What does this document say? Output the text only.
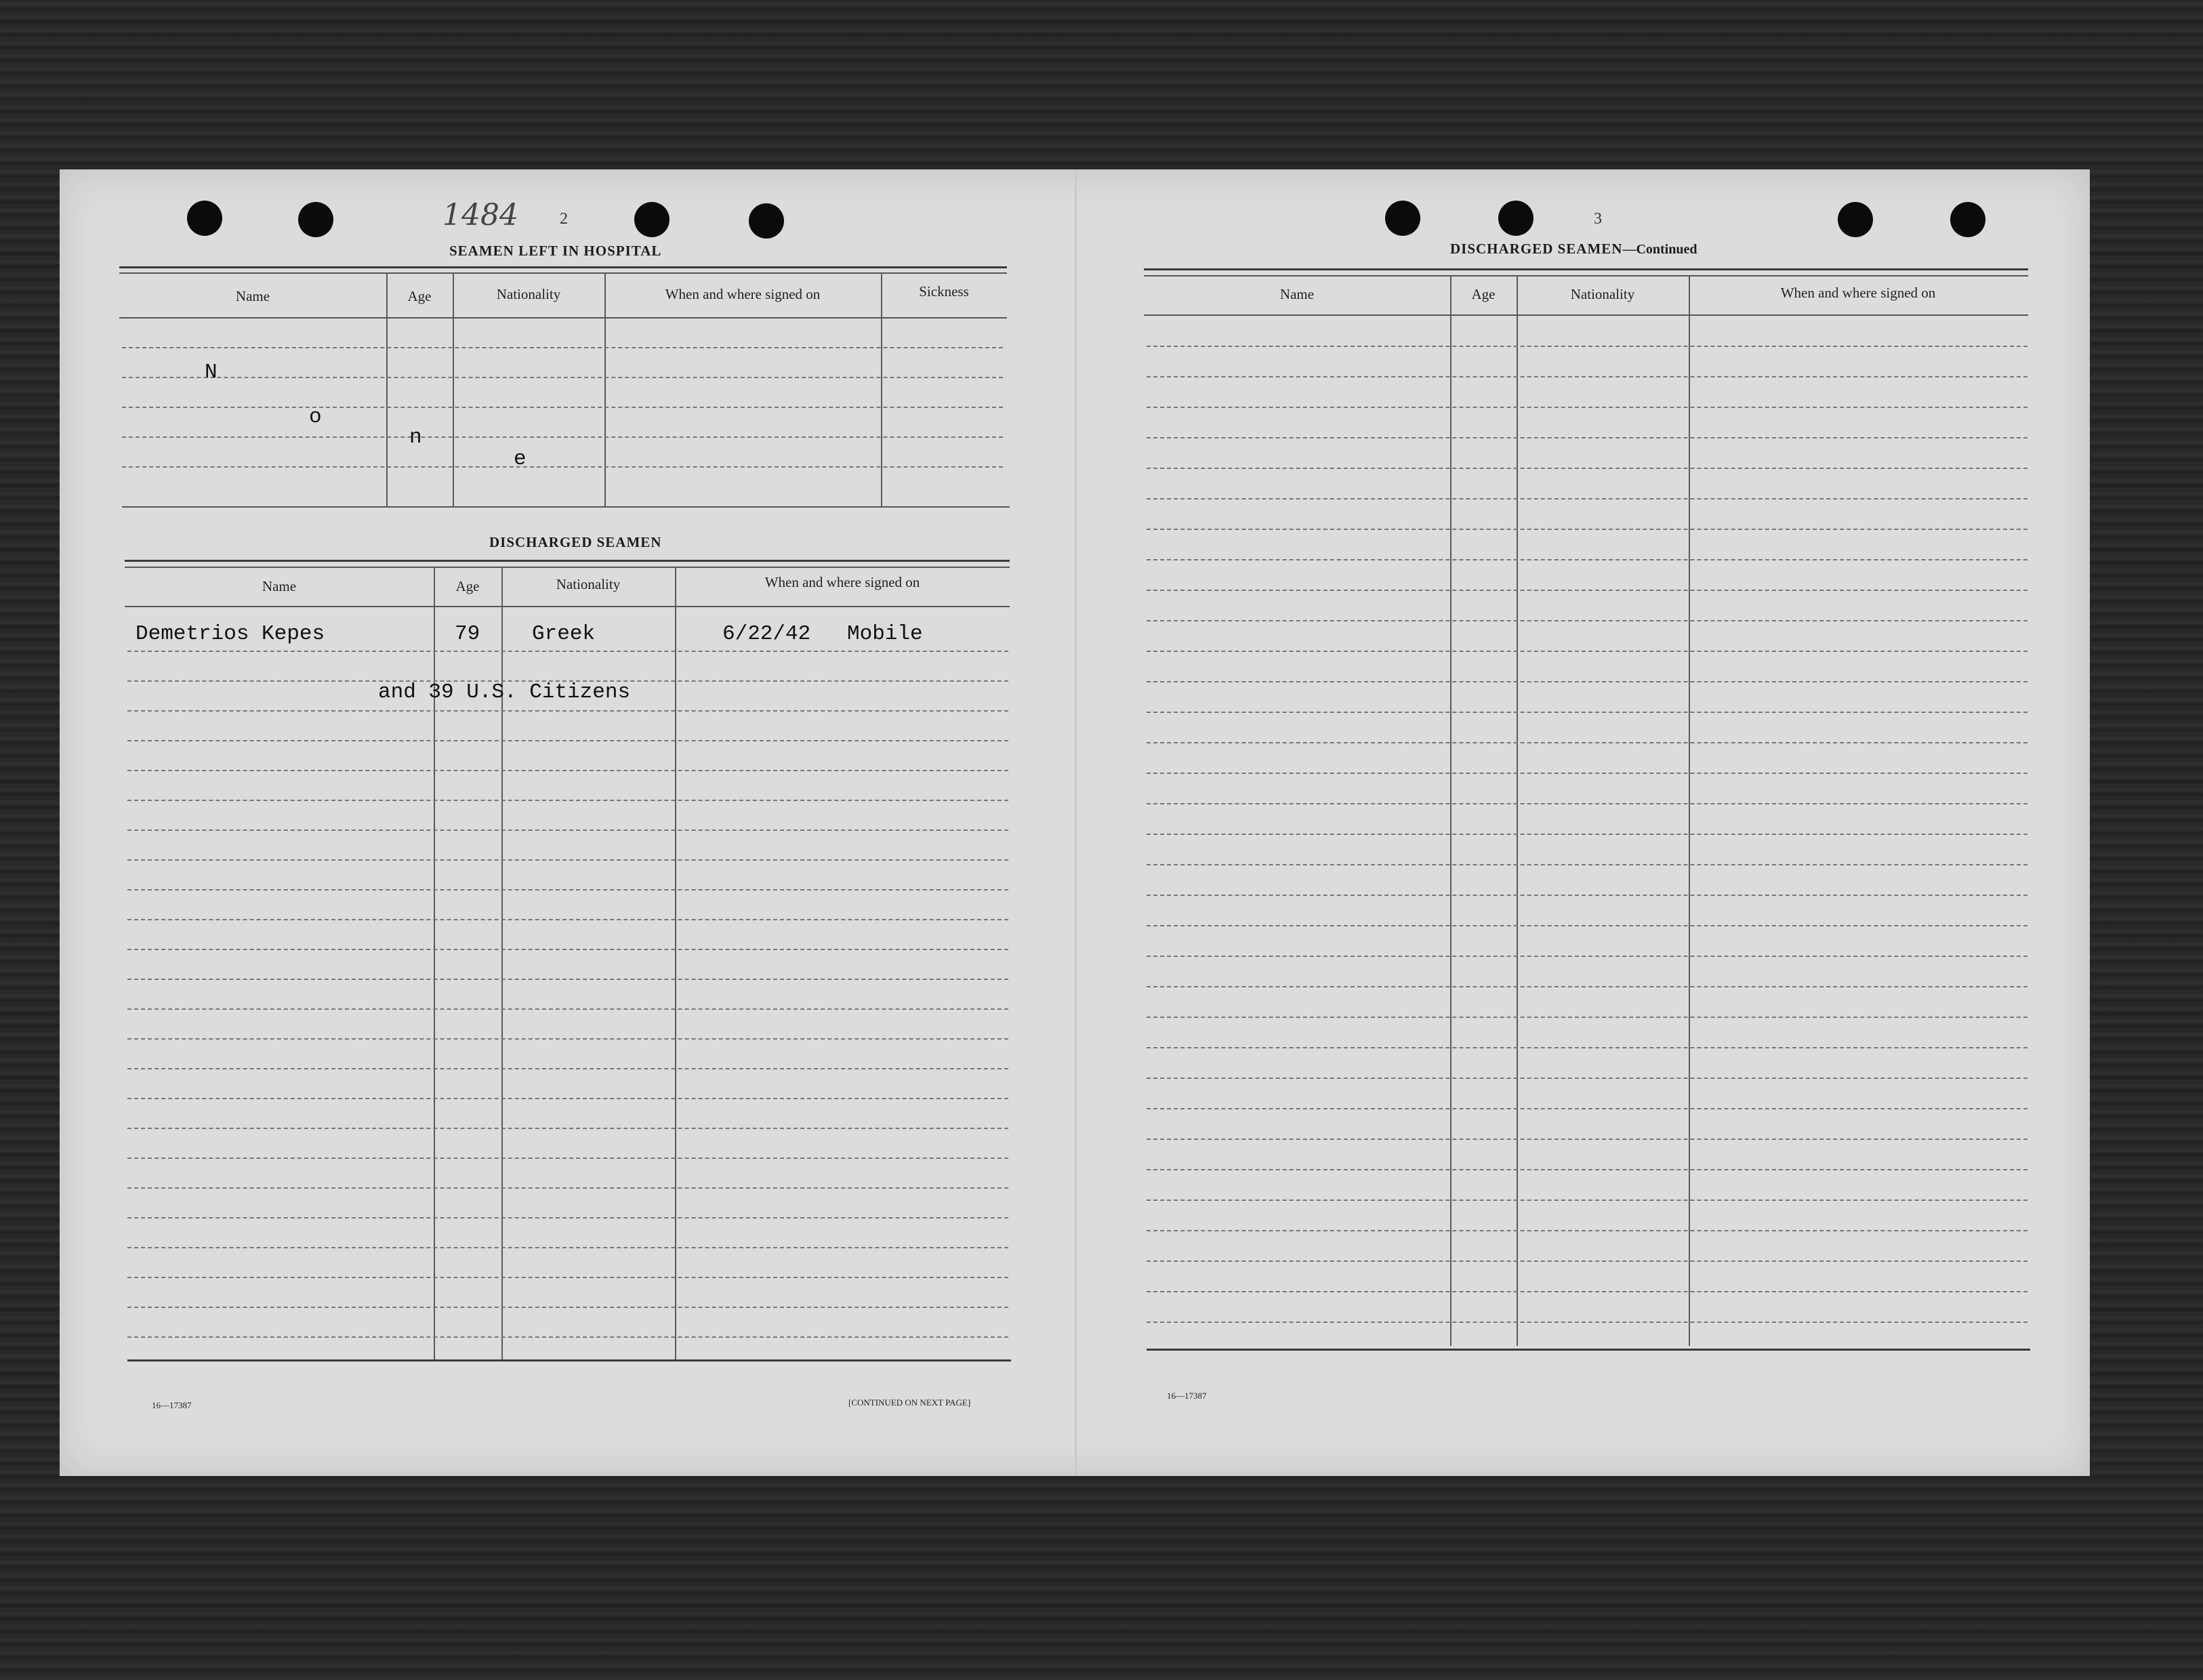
1484	2
SEAMEN LEFT IN HOSPITAL
Name	Age	Nationality	When and where signed on	Sickness
N
o
n
e
DISCHARGED SEAMEN
Name	Age	Nationality	When and where signed on
Demetrios Kepes	79 Greek	6/22/42 Mobile
and 39 U.S. Citizens
16—17387	[CONTINUED ON NEXT PAGE]
3
DISCHARGED SEAMEN—Continued
Name	Age	Nationality	When and where signed on
16—17387
